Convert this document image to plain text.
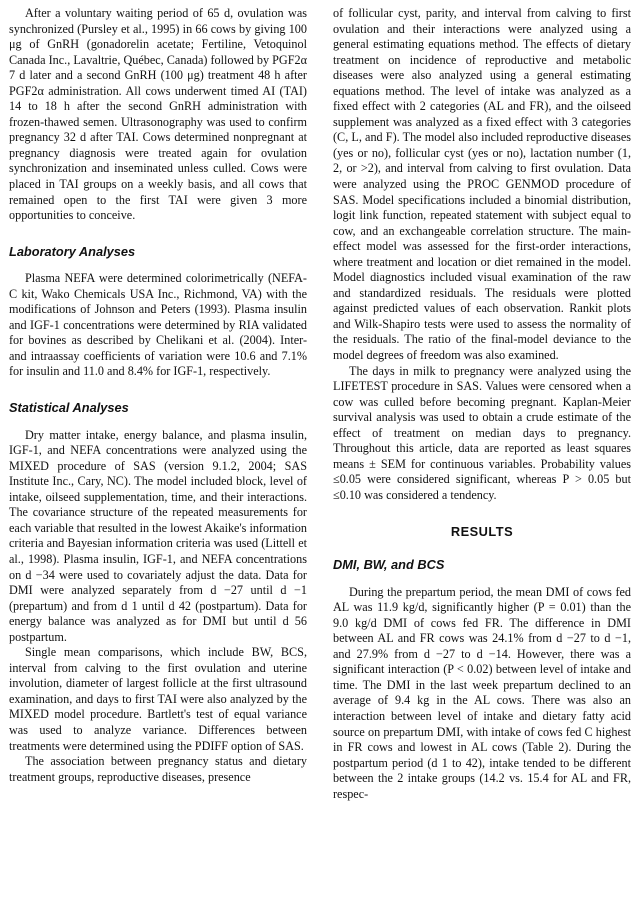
After a voluntary waiting period of 65 d, ovulation was synchronized (Pursley et al., 1995) in 66 cows by giving 100 μg of GnRH (gonadorelin acetate; Fertiline, Vetoquinol Canada Inc., Lavaltrie, Québec, Canada) followed by PGF2α 7 d later and a second GnRH (100 μg) treatment 48 h after PGF2α administration. All cows underwent timed AI (TAI) 14 to 18 h after the second GnRH administration with frozen-thawed semen. Ultrasonography was used to confirm pregnancy 32 d after TAI. Cows determined nonpregnant at pregnancy diagnosis were treated again for ovulation synchronization and inseminated unless culled. Cows were placed in TAI groups on a weekly basis, and all cows that remained open to the first TAI were given 3 more opportunities to conceive.

Laboratory Analyses

Plasma NEFA were determined colorimetrically (NEFA-C kit, Wako Chemicals USA Inc., Richmond, VA) with the modifications of Johnson and Peters (1993). Plasma insulin and IGF-1 concentrations were determined by RIA validated for bovines as described by Chelikani et al. (2004). Inter- and intraassay coefficients of variation were 10.6 and 7.1% for insulin and 11.0 and 8.4% for IGF-1, respectively.

Statistical Analyses

Dry matter intake, energy balance, and plasma insulin, IGF-1, and NEFA concentrations were analyzed using the MIXED procedure of SAS (version 9.1.2, 2004; SAS Institute Inc., Cary, NC). The model included block, level of intake, oilseed supplementation, time, and their interactions. The covariance structure of the repeated measurements for each variable that resulted in the lowest Akaike's information criteria and Bayesian information criteria was used (Littell et al., 1998). Plasma insulin, IGF-1, and NEFA concentrations on d −34 were used to covariately adjust the data. Data for DMI were analyzed separately from d −27 until d −1 (prepartum) and from d 1 until d 42 (postpartum). Data for energy balance was analyzed as for DMI but until d 56 postpartum.

Single mean comparisons, which include BW, BCS, interval from calving to the first ovulation and uterine involution, diameter of largest follicle at the first ultrasound examination, and days to first TAI were also analyzed by the MIXED model procedure. Bartlett's test of equal variance was used to analyze variance. Differences between treatments were determined using the PDIFF option of SAS.

The association between pregnancy status and dietary treatment groups, reproductive diseases, presence

of follicular cyst, parity, and interval from calving to first ovulation and their interactions were analyzed using a general estimating equations method. The effects of dietary treatment on incidence of reproductive and metabolic diseases were also analyzed using a general estimating equations method. The level of intake was analyzed as a fixed effect with 2 categories (AL and FR), and the oilseed supplement was analyzed as a fixed effect with 3 categories (C, L, and F). The model also included reproductive diseases (yes or no), follicular cyst (yes or no), lactation number (1, 2, or >2), and interval from calving to first ovulation. Data were analyzed using the PROC GENMOD procedure of SAS. Model specifications included a binomial distribution, logit link function, repeated statement with subject equal to cow, and an exchangeable correlation structure. The main-effect model was assessed for the first-order interactions, where treatment and location or diet remained in the model. Model diagnostics included visual examination of the raw and standardized residuals. The residuals were plotted against predicted values of each observation. Rankit plots and Wilk-Shapiro tests were used to assess the normality of the residuals. The ratio of the final-model deviance to the model degrees of freedom was also examined.

The days in milk to pregnancy were analyzed using the LIFETEST procedure in SAS. Values were censored when a cow was culled before becoming pregnant. Kaplan-Meier survival analysis was used to obtain a crude estimate of the effect of treatment on median days to pregnancy. Throughout this article, data are reported as least squares means ± SEM for continuous variables. Probability values ≤0.05 were considered significant, whereas P > 0.05 but ≤0.10 was considered a tendency.

RESULTS
DMI, BW, and BCS

During the prepartum period, the mean DMI of cows fed AL was 11.9 kg/d, significantly higher (P = 0.01) than the 9.0 kg/d DMI of cows fed FR. The difference in DMI between AL and FR cows was 24.1% from d −27 to d −1, and 27.9% from d −27 to d −14. However, there was a significant interaction (P < 0.02) between level of intake and time. The DMI in the last week prepartum declined to an average of 9.4 kg in the AL cows. There was also an interaction between level of intake and dietary fatty acid source on prepartum DMI, with intake of cows fed C highest in FR cows and lowest in AL cows (Table 2). During the postpartum period (d 1 to 42), intake tended to be different between the 2 intake groups (14.2 vs. 15.4 for AL and FR, respec-
